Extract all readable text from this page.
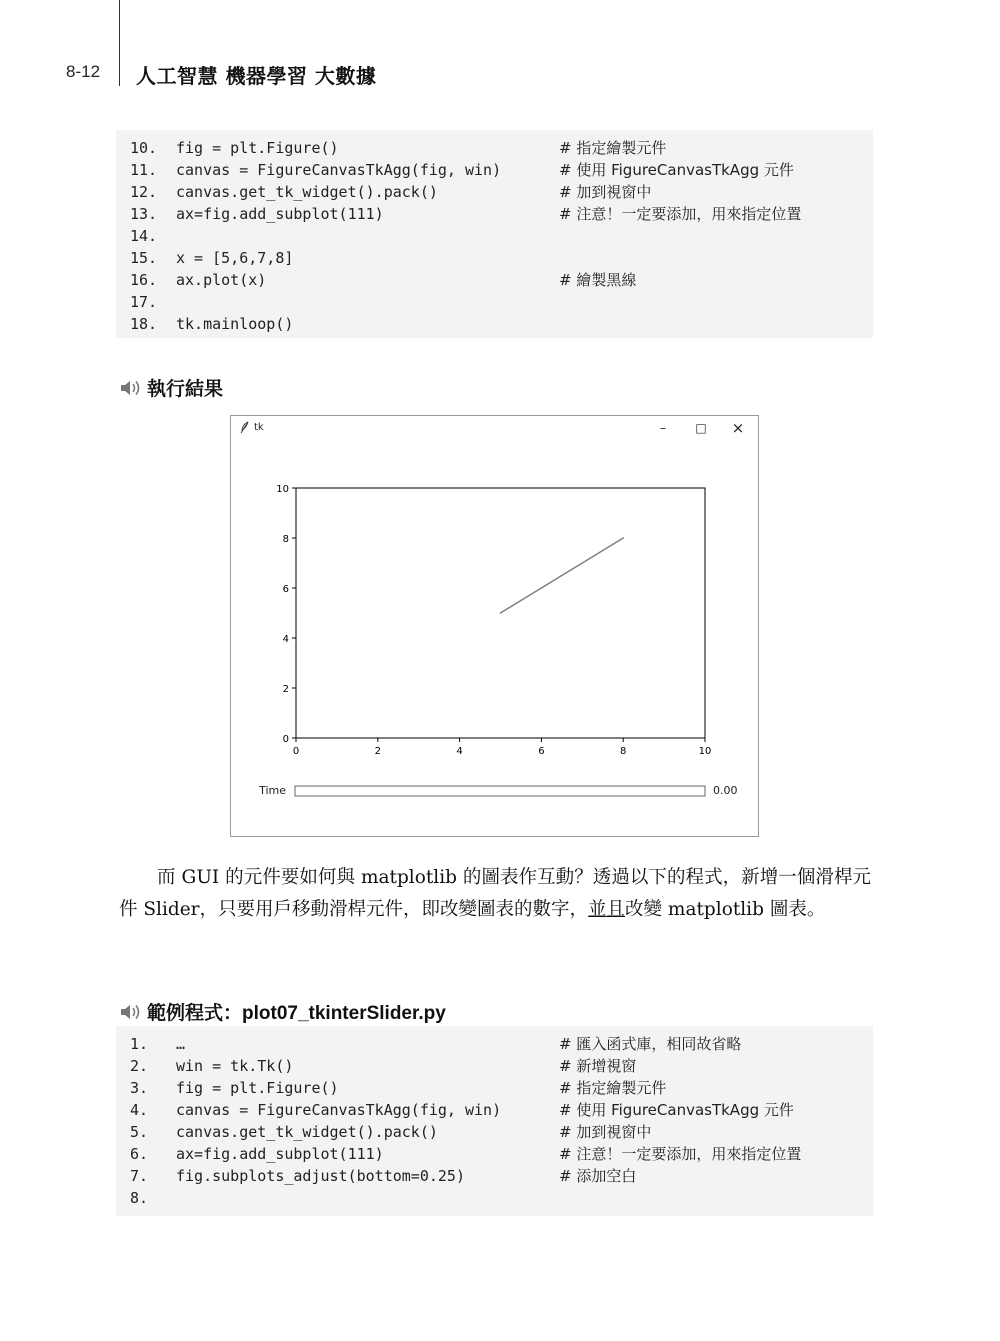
8-12 人工智慧 機器學習 大數據
10. fig = plt.Figure()	# 指定繪製元件
11. canvas = FigureCanvasTkAgg(fig, win)	# 使用 FigureCanvasTkAgg 元件
12. canvas.get_tk_widget().pack()	# 加到視窗中
13. ax=fig.add_subplot(111)	# 注意！一定要添加，用來指定位置
14.
15. x = [5,6,7,8]
16. ax.plot(x)	# 繪製黑線
17.
18. tk.mainloop()
執行結果
tk	–	□ ×
0	2	4	6	8	10
0
2
4
6
8
10
Time	0.00
而 GUI 的元件要如何與 matplotlib 的圖表作互動？透過以下的程式，新增一個滑桿元件 Slider，只要用戶移動滑桿元件，即改變圖表的數字，並且改變 matplotlib 圖表。
範例程式：plot07_tkinterSlider.py
1. …	# 匯入函式庫，相同故省略
2. win = tk.Tk()	# 新增視窗
3. fig = plt.Figure()	# 指定繪製元件
4. canvas = FigureCanvasTkAgg(fig, win)	# 使用 FigureCanvasTkAgg 元件
5. canvas.get_tk_widget().pack()	# 加到視窗中
6. ax=fig.add_subplot(111)	# 注意！一定要添加，用來指定位置
7. fig.subplots_adjust(bottom=0.25)	# 添加空白
8.
